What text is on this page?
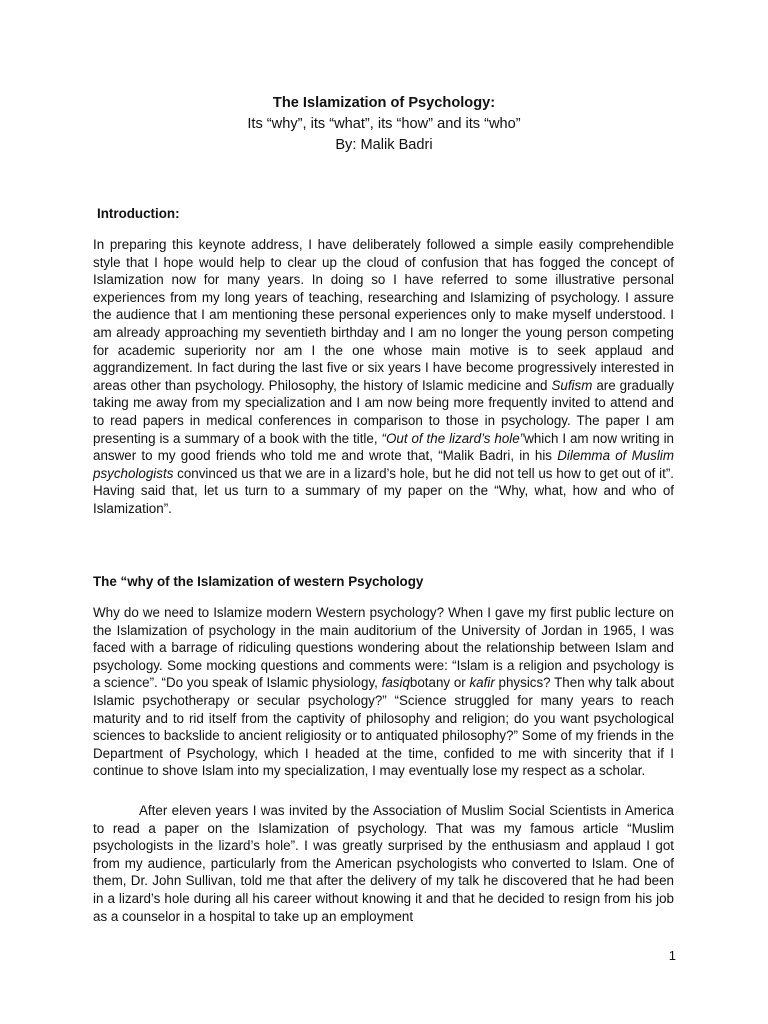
The Islamization of Psychology:
Its “why”, its “what”, its “how” and its “who”
By: Malik Badri
Introduction:
In preparing this keynote address, I have deliberately followed a simple easily comprehendible style that I hope would help to clear up the cloud of confusion that has fogged the concept of Islamization now for many years. In doing so I have referred to some illustrative personal experiences from my long years of teaching, researching and Islamizing of psychology. I assure the audience that I am mentioning these personal experiences only to make myself understood. I am already approaching my seventieth birthday and I am no longer the young person competing for academic superiority nor am I the one whose main motive is to seek applaud and aggrandizement. In fact during the last five or six years I have become progressively interested in areas other than psychology. Philosophy, the history of Islamic medicine and Sufism are gradually taking me away from my specialization and I am now being more frequently invited to attend and to read papers in medical conferences in comparison to those in psychology. The paper I am presenting is a summary of a book with the title, “Out of the lizard’s hole”which I am now writing in answer to my good friends who told me and wrote that, “Malik Badri, in his Dilemma of Muslim psychologists convinced us that we are in a lizard’s hole, but he did not tell us how to get out of it”. Having said that, let us turn to a summary of my paper on the “Why, what, how and who of Islamization”.
The “why of the Islamization of western Psychology
Why do we need to Islamize modern Western psychology? When I gave my first public lecture on the Islamization of psychology in the main auditorium of the University of Jordan in 1965, I was faced with a barrage of ridiculing questions wondering about the relationship between Islam and psychology. Some mocking questions and comments were: “Islam is a religion and psychology is a science”. “Do you speak of Islamic physiology, fasiqbotany or kafir physics? Then why talk about Islamic psychotherapy or secular psychology?” “Science struggled for many years to reach maturity and to rid itself from the captivity of philosophy and religion; do you want psychological sciences to backslide to ancient religiosity or to antiquated philosophy?” Some of my friends in the Department of Psychology, which I headed at the time, confided to me with sincerity that if I continue to shove Islam into my specialization, I may eventually lose my respect as a scholar.
After eleven years I was invited by the Association of Muslim Social Scientists in America to read a paper on the Islamization of psychology. That was my famous article “Muslim psychologists in the lizard’s hole”. I was greatly surprised by the enthusiasm and applaud I got from my audience, particularly from the American psychologists who converted to Islam. One of them, Dr. John Sullivan, told me that after the delivery of my talk he discovered that he had been in a lizard’s hole during all his career without knowing it and that he decided to resign from his job as a counselor in a hospital to take up an employment
1
